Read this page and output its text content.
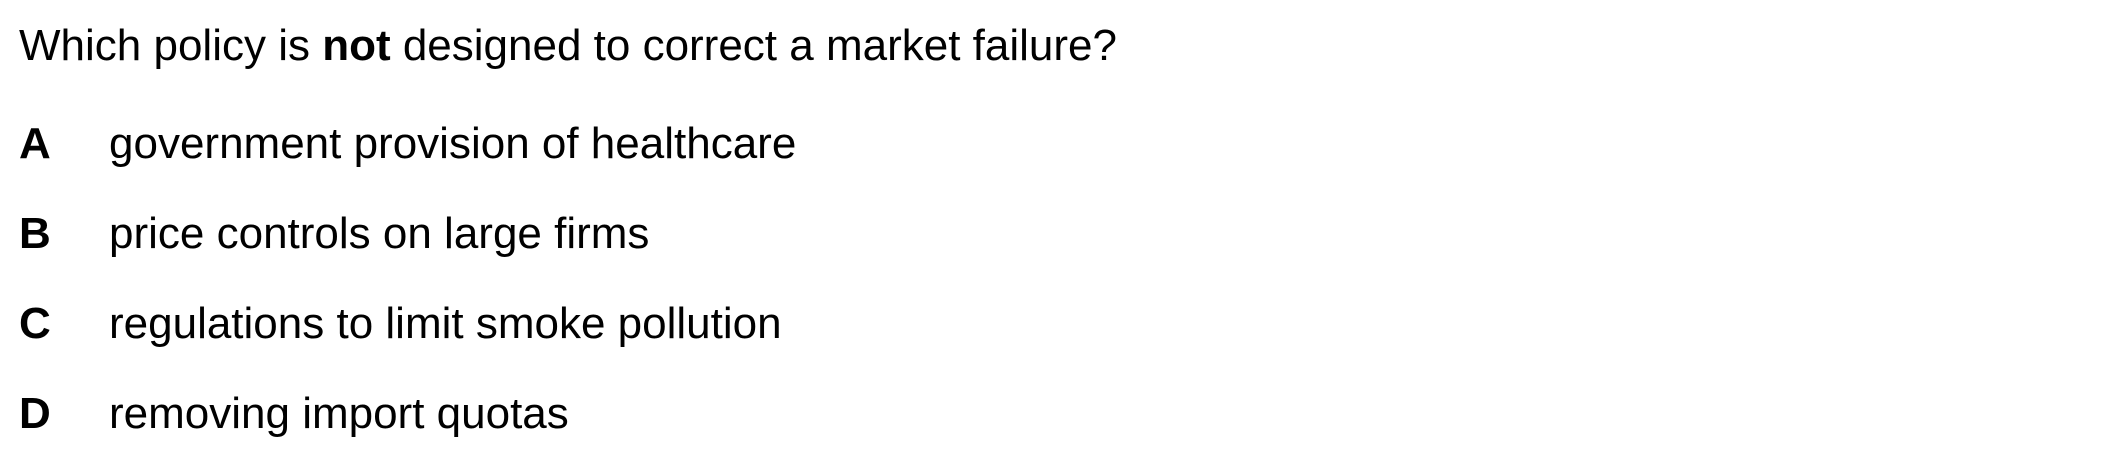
Which policy is not designed to correct a market failure?
A government provision of healthcare
B price controls on large firms
C regulations to limit smoke pollution
D removing import quotas
